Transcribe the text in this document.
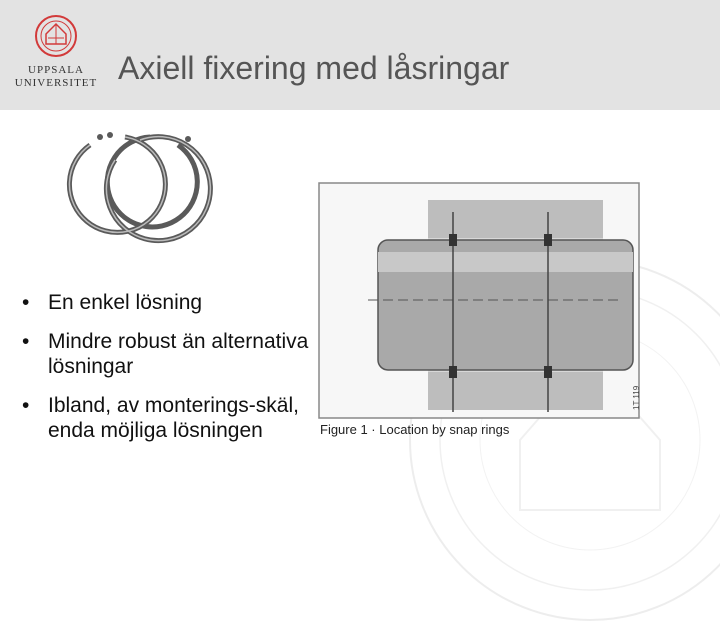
UPPSALA
UNIVERSITET Axiell fixering med låsringar
• En enkel lösning
• Mindre robust än alternativa lösningar
• Ibland, av monterings-skäl, enda möjliga lösningen	Figure 1 · Location by snap rings
1T 119
